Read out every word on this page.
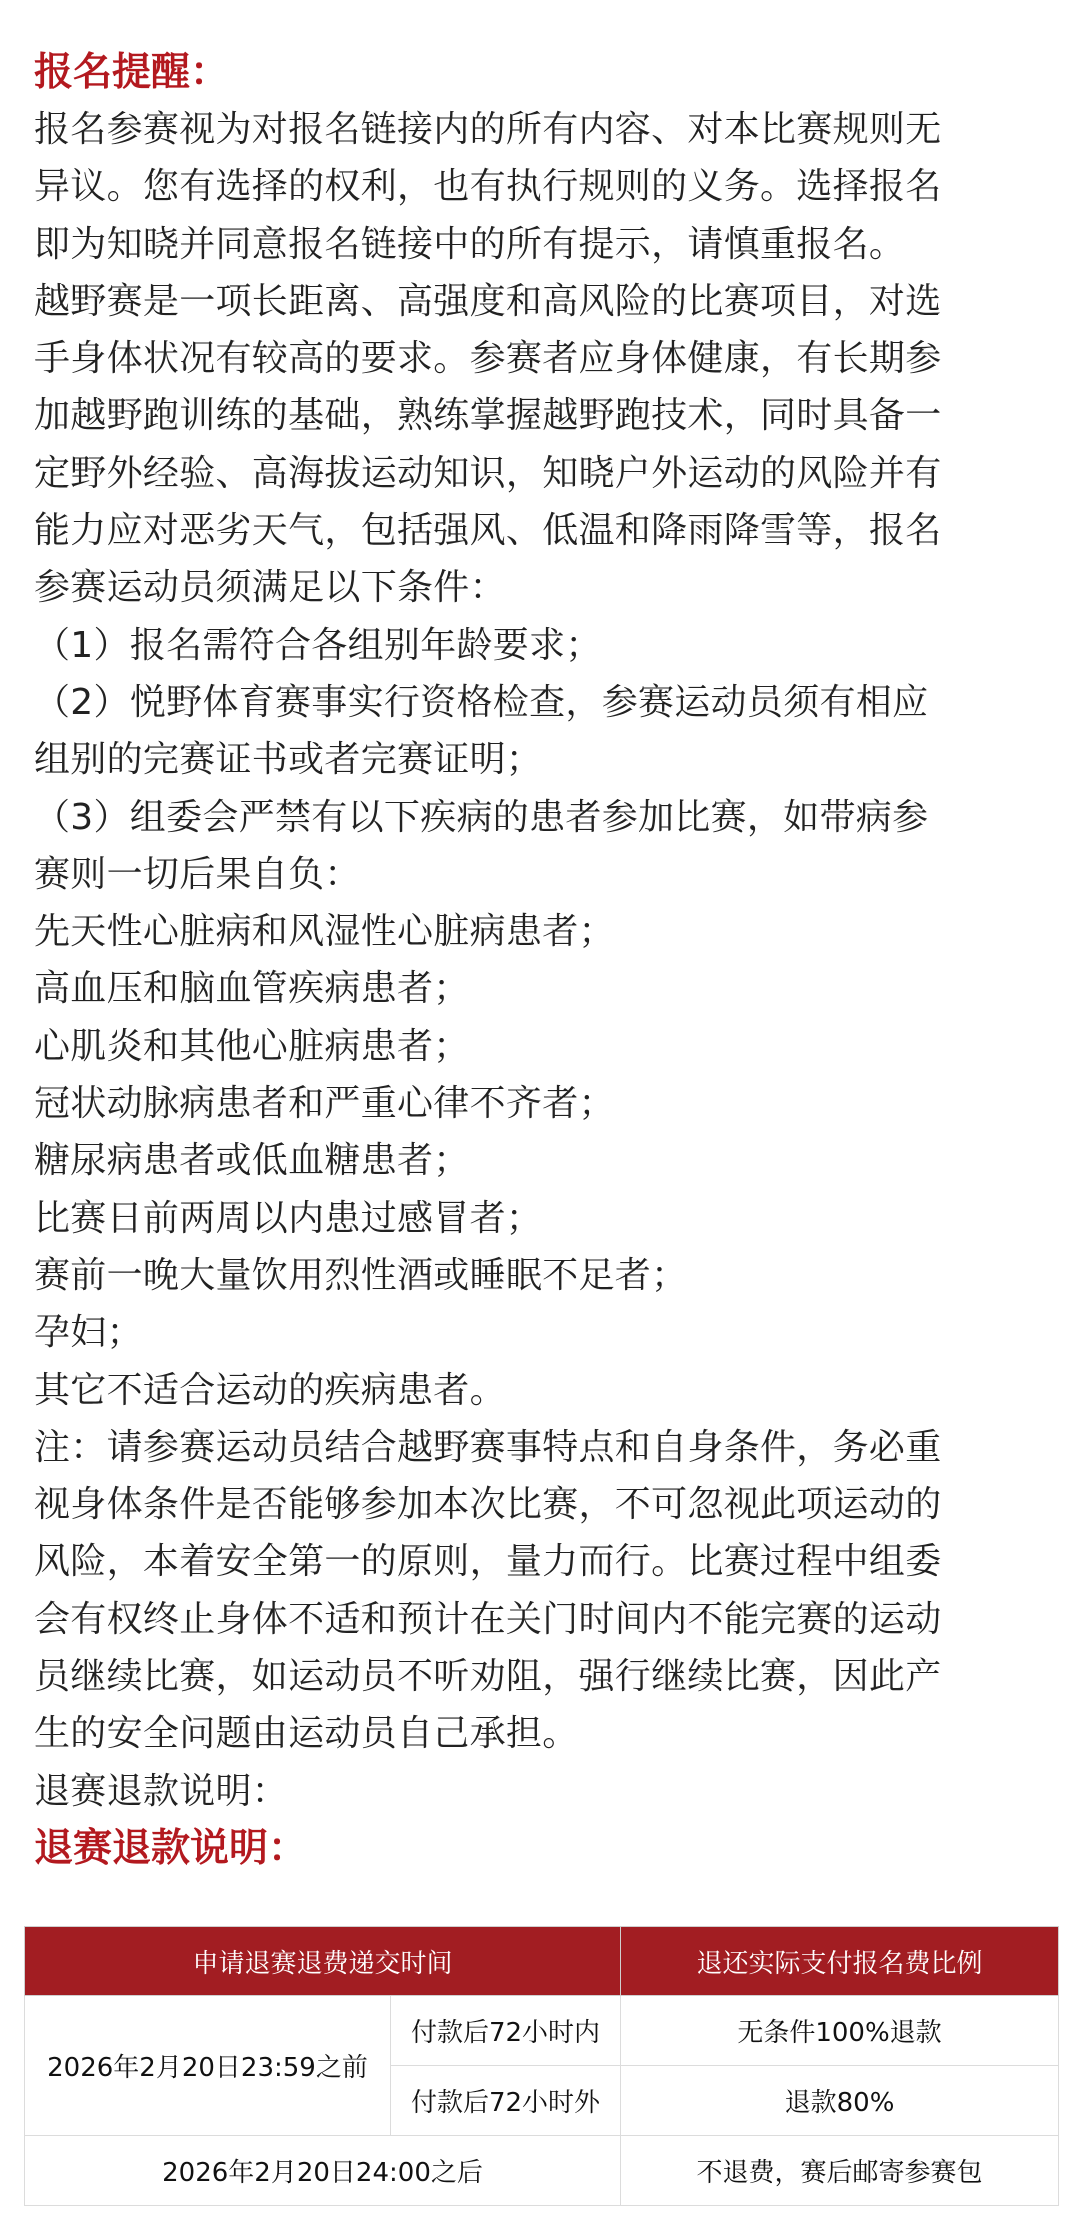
报名提醒：

报名参赛视为对报名链接内的所有内容、对本比赛规则无
异议。您有选择的权利，也有执行规则的义务。选择报名
即为知晓并同意报名链接中的所有提示，请慎重报名。

越野赛是一项长距离、高强度和高风险的比赛项目，对选
手身体状况有较高的要求。参赛者应身体健康，有长期参
加越野跑训练的基础，熟练掌握越野跑技术，同时具备一
定野外经验、高海拔运动知识，知晓户外运动的风险并有
能力应对恶劣天气，包括强风、低温和降雨降雪等，报名
参赛运动员须满足以下条件：

（1）报名需符合各组别年龄要求；

（2）悦野体育赛事实行资格检查，参赛运动员须有相应
组别的完赛证书或者完赛证明；

（3）组委会严禁有以下疾病的患者参加比赛，如带病参
赛则一切后果自负：

先天性心脏病和风湿性心脏病患者；

高血压和脑血管疾病患者；

心肌炎和其他心脏病患者；

冠状动脉病患者和严重心律不齐者；

糖尿病患者或低血糖患者；

比赛日前两周以内患过感冒者；

赛前一晚大量饮用烈性酒或睡眠不足者；

孕妇；

其它不适合运动的疾病患者。

注：请参赛运动员结合越野赛事特点和自身条件，务必重
视身体条件是否能够参加本次比赛，不可忽视此项运动的
风险，本着安全第一的原则，量力而行。比赛过程中组委
会有权终止身体不适和预计在关门时间内不能完赛的运动
员继续比赛，如运动员不听劝阻，强行继续比赛，因此产
生的安全问题由运动员自己承担。

退赛退款说明：

退赛退款说明：
申请退赛退费递交时间		退还实际支付报名费比例
2026年2月20日23:59之前	付款后72小时内	无条件100%退款
	付款后72小时外	退款80%
2026年2月20日24:00之后		不退费，赛后邮寄参赛包
